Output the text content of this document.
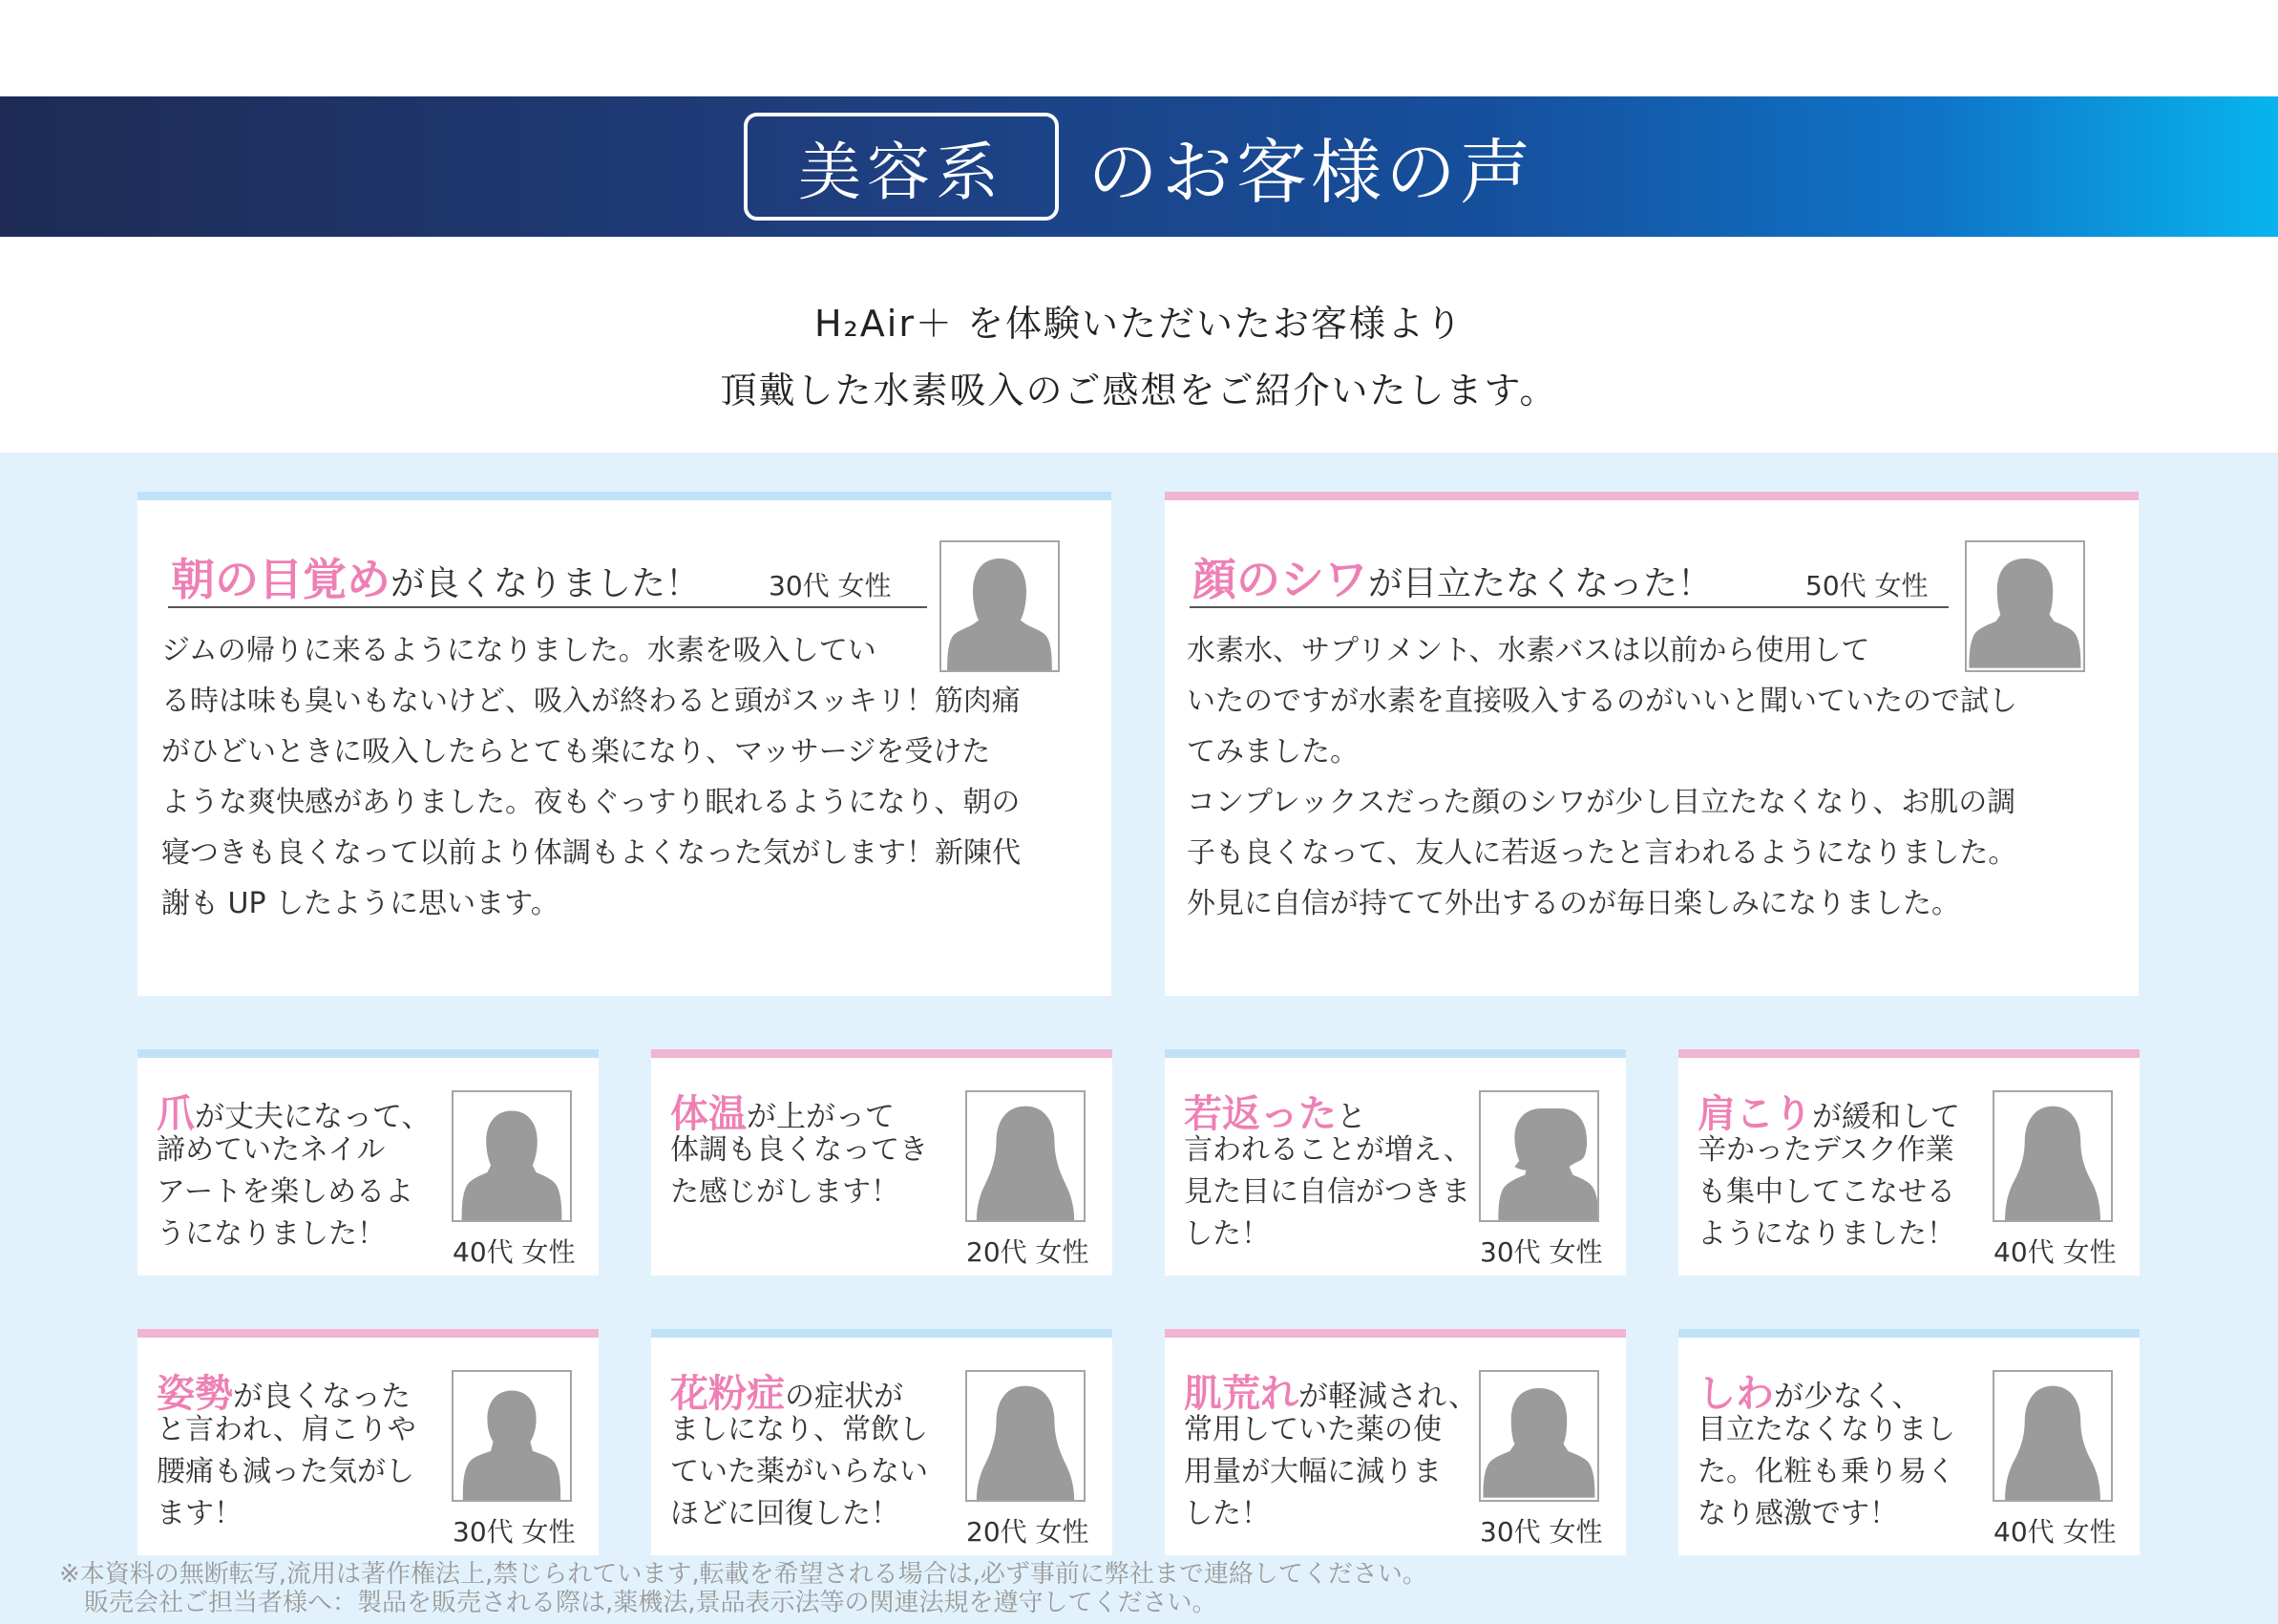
美容系	のお客様の声
H₂Air＋ を体験いただいたお客様より
頂戴した水素吸入のご感想をご紹介いたします。
朝の目覚めが良くなりました！	30代 女性
ジムの帰りに来るようになりました。水素を吸入してい
る時は味も臭いもないけど、吸入が終わると頭がスッキリ！筋肉痛
がひどいときに吸入したらとても楽になり、マッサージを受けた
ような爽快感がありました。夜もぐっすり眠れるようになり、朝の
寝つきも良くなって以前より体調もよくなった気がします！新陳代
謝も UP したように思います。
顔のシワが目立たなくなった！	50代 女性
水素水、サプリメント、水素バスは以前から使用して
いたのですが水素を直接吸入するのがいいと聞いていたので試し
てみました。
コンプレックスだった顔のシワが少し目立たなくなり、お肌の調
子も良くなって、友人に若返ったと言われるようになりました。
外見に自信が持てて外出するのが毎日楽しみになりました。
爪が丈夫になって、
諦めていたネイル
アートを楽しめるよ
うになりました！
40代 女性
体温が上がって
体調も良くなってき
た感じがします！
20代 女性
若返ったと
言われることが増え、
見た目に自信がつきま
した！
30代 女性
肩こりが緩和して
辛かったデスク作業
も集中してこなせる
ようになりました！
40代 女性
姿勢が良くなった
と言われ、肩こりや
腰痛も減った気がし
ます！
30代 女性
花粉症の症状が
ましになり、常飲し
ていた薬がいらない
ほどに回復した！
20代 女性
肌荒れが軽減され、
常用していた薬の使
用量が大幅に減りま
した！
30代 女性
しわが少なく、
目立たなくなりまし
た。化粧も乗り易く
なり感激です！
40代 女性
※本資料の無断転写,流用は著作権法上,禁じられています,転載を希望される場合は,必ず事前に弊社まで連絡してください。
販売会社ご担当者様へ：製品を販売される際は,薬機法,景品表示法等の関連法規を遵守してください。
